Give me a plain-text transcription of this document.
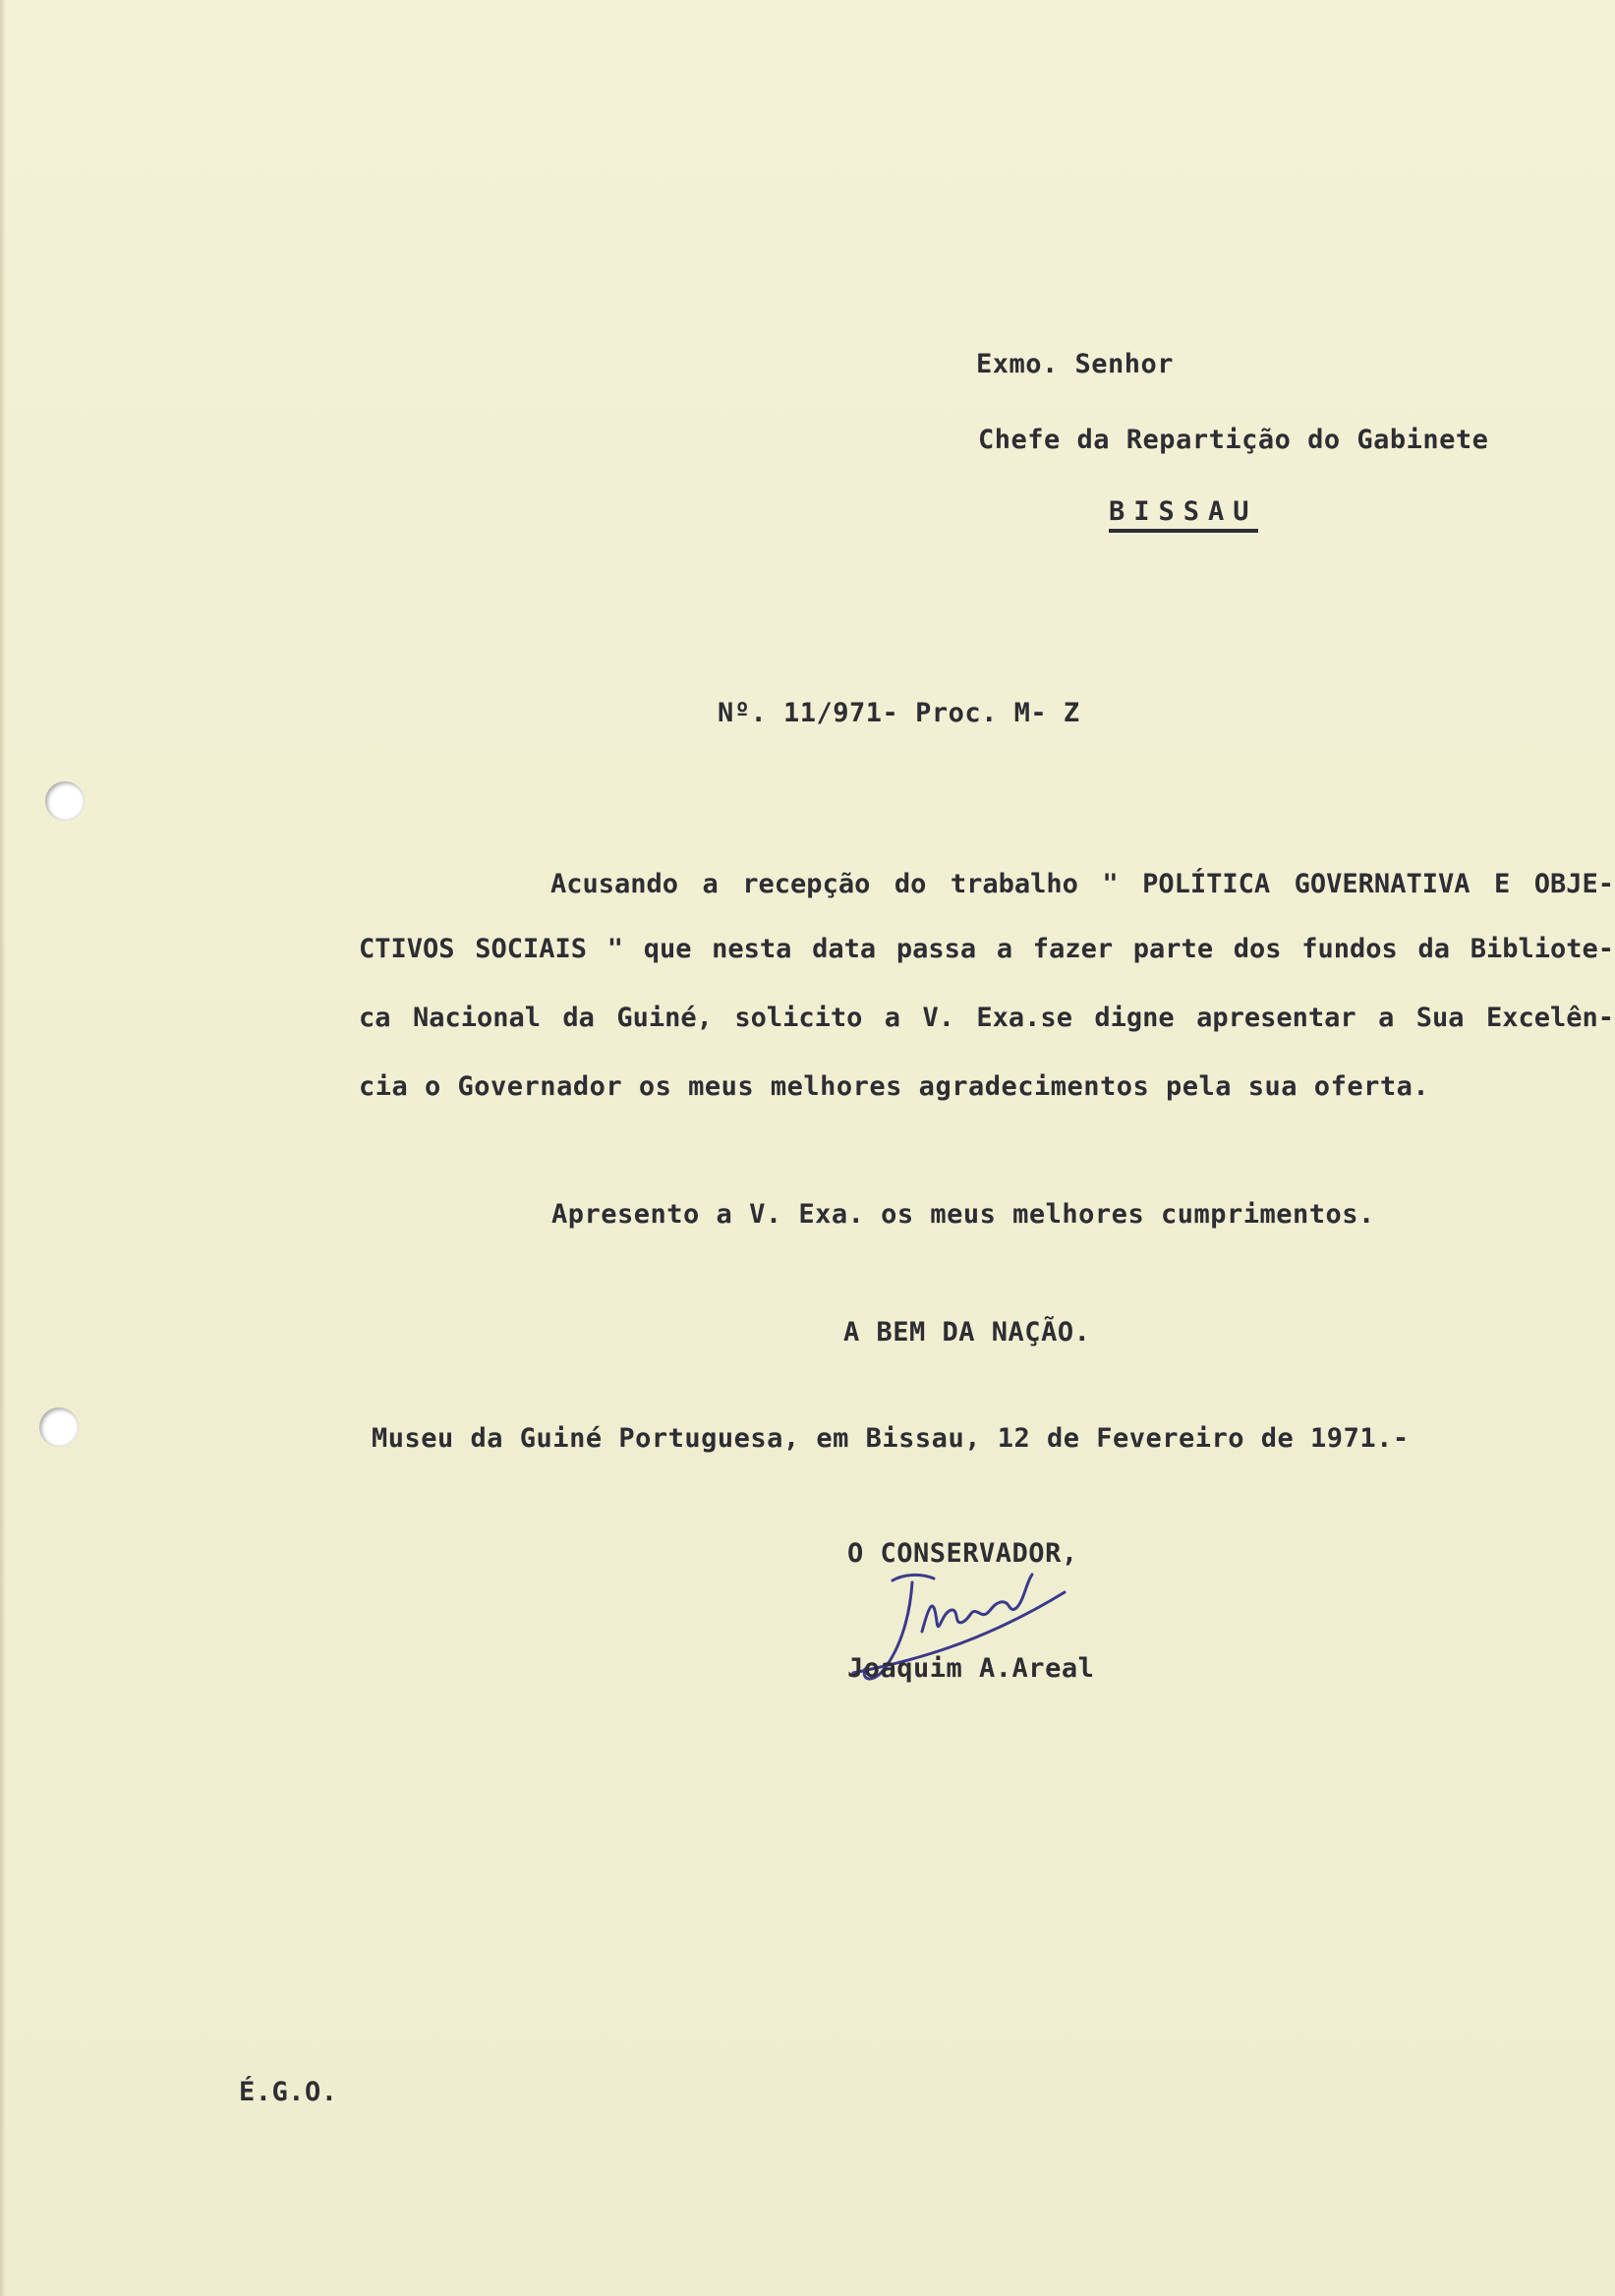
Exmo. Senhor
Chefe da Repartição do Gabinete
BISSAU
Nº. 11/971- Proc. M- Z
Acusando a recepção do trabalho " POLÍTICA GOVERNATIVA E OBJE-
CTIVOS SOCIAIS " que nesta data passa a fazer parte dos fundos da Bibliote-
ca Nacional da Guiné, solicito a V. Exa.se digne apresentar a Sua Excelên-
cia o Governador os meus melhores agradecimentos pela sua oferta.
Apresento a V. Exa. os meus melhores cumprimentos.
A BEM DA NAÇÃO.
Museu da Guiné Portuguesa, em Bissau, 12 de Fevereiro de 1971.-
O CONSERVADOR,
Joaquim A.Areal
É.G.O.
